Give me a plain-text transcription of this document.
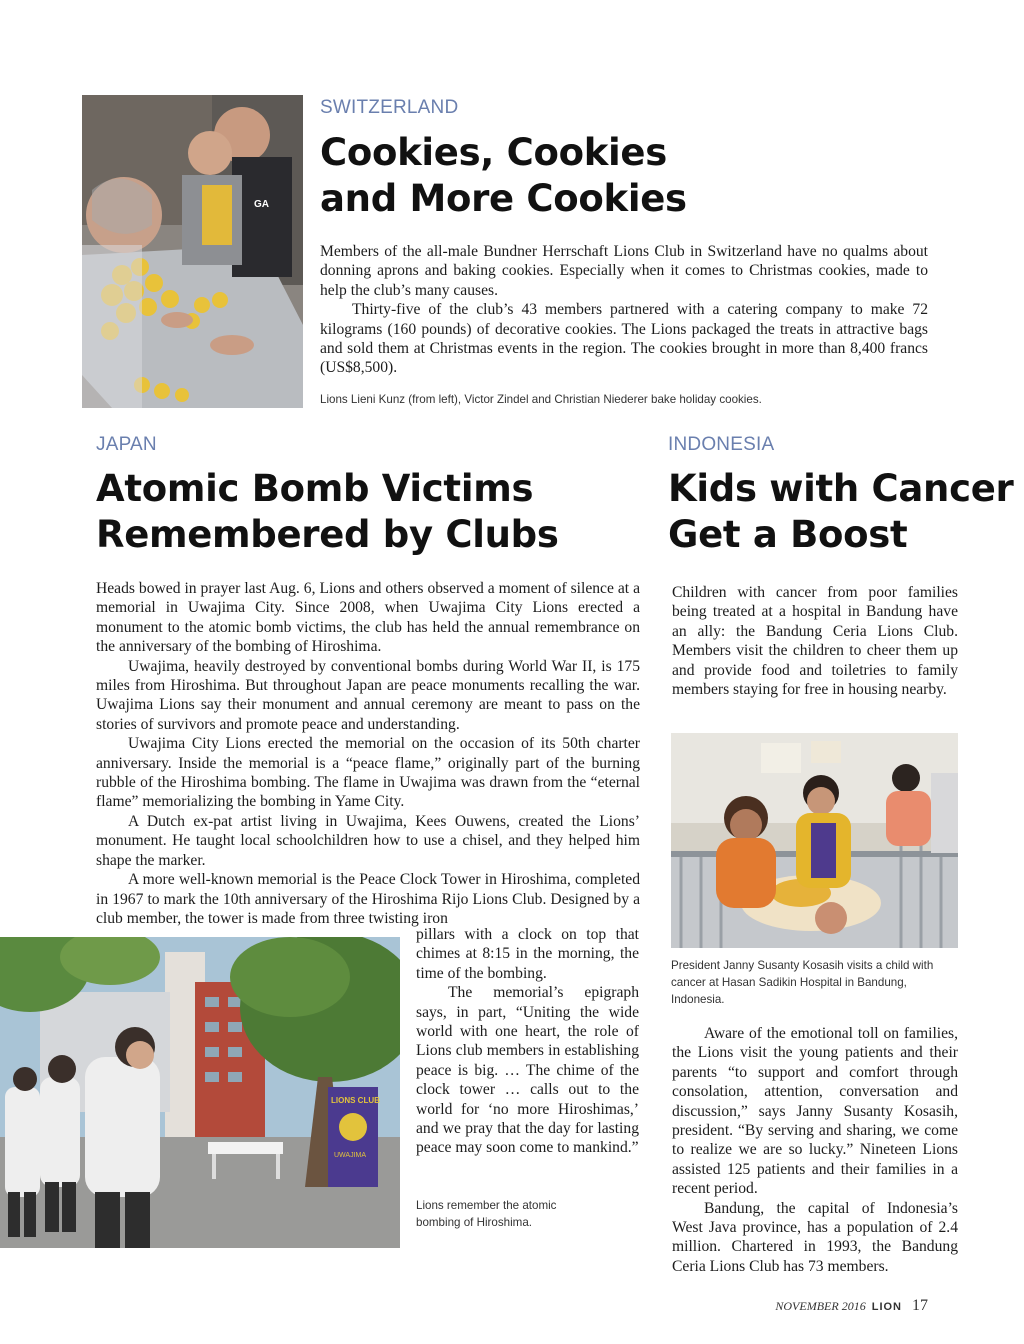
GA
SWITZERLAND
Cookies, Cookies
and More Cookies

Members of the all-male Bundner Herrschaft Lions Club in Switzerland have no qualms about donning aprons and baking cookies. Especially when it comes to Christmas cookies, made to help the club’s many causes.

Thirty-five of the club’s 43 members partnered with a catering company to make 72 kilograms (160 pounds) of decorative cookies. The Lions packaged the treats in attractive bags and sold them at Christmas events in the region. The cookies brought in more than 8,400 francs (US$8,500).

Lions Lieni Kunz (from left), Victor Zindel and Christian Niederer bake holiday cookies.
JAPAN
Atomic Bomb Victims
Remembered by Clubs

Heads bowed in prayer last Aug. 6, Lions and others observed a moment of silence at a memorial in Uwajima City. Since 2008, when Uwajima City Lions erected a monument to the atomic bomb victims, the club has held the annual remembrance on the anniversary of the bombing of Hiroshima.

Uwajima, heavily destroyed by conventional bombs during World War II, is 175 miles from Hiroshima. But throughout Japan are peace monuments recalling the war. Uwajima Lions say their monument and annual ceremony are meant to pass on the stories of survivors and promote peace and understanding.

Uwajima City Lions erected the memorial on the occasion of its 50th charter anniversary. Inside the memorial is a “peace flame,” originally part of the burning rubble of the Hiroshima bombing. The flame in Uwajima was drawn from the “eternal flame” memorializing the bombing in Yame City.

A Dutch ex-pat artist living in Uwajima, Kees Ouwens, created the Lions’ monument. He taught local schoolchildren how to use a chisel, and they helped him shape the marker.

A more well-known memorial is the Peace Clock Tower in Hiroshima, completed in 1967 to mark the 10th anniversary of the Hiroshima Rijo Lions Club. Designed by a club member, the tower is made from three twisting iron

LIONS CLUB
UWAJIMA

pillars with a clock on top that chimes at 8:15 in the morning, the time of the bombing.

The memorial’s epigraph says, in part, “Uniting the wide world with one heart, the role of Lions club members in establishing peace is big. … The chime of the clock tower … calls out to the world for ‘no more Hiroshimas,’ and we pray that the day for lasting peace may soon come to mankind.”

Lions remember the atomic bombing of Hiroshima.
INDONESIA
Kids with Cancer
Get a Boost

Children with cancer from poor families being treated at a hospital in Bandung have an ally: the Bandung Ceria Lions Club. Members visit the children to cheer them up and provide food and toiletries to family members staying for free in housing nearby.

President Janny Susanty Kosasih visits a child with cancer at Hasan Sadikin Hospital in Bandung, Indonesia.

Aware of the emotional toll on families, the Lions visit the young patients and their parents “to support and comfort through consolation, attention, conversation and discussion,” says Janny Susanty Kosasih, president. “By serving and sharing, we come to realize we are so lucky.” Nineteen Lions assisted 125 patients and their families in a recent period.

Bandung, the capital of Indonesia’s West Java province, has a population of 2.4 million. Chartered in 1993, the Bandung Ceria Lions Club has 73 members.

NOVEMBER 2016 LION 17
